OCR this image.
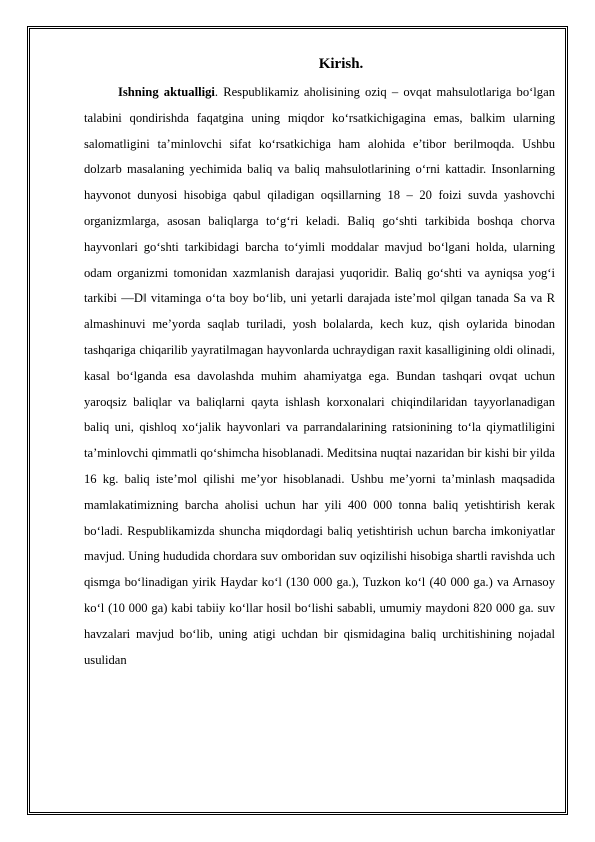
Kirish.

Ishning aktualligi. Respublikamiz aholisining oziq – ovqat mahsulotlariga bo‘lgan talabini qondirishda faqatgina uning miqdor ko‘rsatkichigagina emas, balkim ularning salomatligini ta’minlovchi sifat ko‘rsatkichiga ham alohida e’tibor berilmoqda. Ushbu dolzarb masalaning yechimida baliq va baliq mahsulotlarining o‘rni kattadir. Insonlarning hayvonot dunyosi hisobiga qabul qiladigan oqsillarning 18 – 20 foizi suvda yashovchi organizmlarga, asosan baliqlarga to‘g‘ri keladi. Baliq go‘shti tarkibida boshqa chorva hayvonlari go‘shti tarkibidagi barcha to‘yimli moddalar mavjud bo‘lgani holda, ularning odam organizmi tomonidan xazmlanish darajasi yuqoridir. Baliq go‘shti va ayniqsa yog‘i tarkibi ―D‖ vitaminga o‘ta boy bo‘lib, uni yetarli darajada iste’mol qilgan tanada Sa va R almashinuvi me’yorda saqlab turiladi, yosh bolalarda, kech kuz, qish oylarida binodan tashqariga chiqarilib yayratilmagan hayvonlarda uchraydigan raxit kasalligining oldi olinadi, kasal bo‘lganda esa davolashda muhim ahamiyatga ega. Bundan tashqari ovqat uchun yaroqsiz baliqlar va baliqlarni qayta ishlash korxonalari chiqindilaridan tayyorlanadigan baliq uni, qishloq xo‘jalik hayvonlari va parrandalarining ratsionining to‘la qiymatliligini ta’minlovchi qimmatli qo‘shimcha hisoblanadi. Meditsina nuqtai nazaridan bir kishi bir yilda 16 kg. baliq iste’mol qilishi me’yor hisoblanadi. Ushbu me’yorni ta’minlash maqsadida mamlakatimizning barcha aholisi uchun har yili 400 000 tonna baliq yetishtirish kerak bo‘ladi. Respublikamizda shuncha miqdordagi baliq yetishtirish uchun barcha imkoniyatlar mavjud. Uning hududida chordara suv omboridan suv oqizilishi hisobiga shartli ravishda uch qismga bo‘linadigan yirik Haydar ko‘l (130 000 ga.), Tuzkon ko‘l (40 000 ga.) va Arnasoy ko‘l (10 000 ga) kabi tabiiy ko‘llar hosil bo‘lishi sababli, umumiy maydoni 820 000 ga. suv havzalari mavjud bo‘lib, uning atigi uchdan bir qismidagina baliq urchitishining nojadal usulidan
